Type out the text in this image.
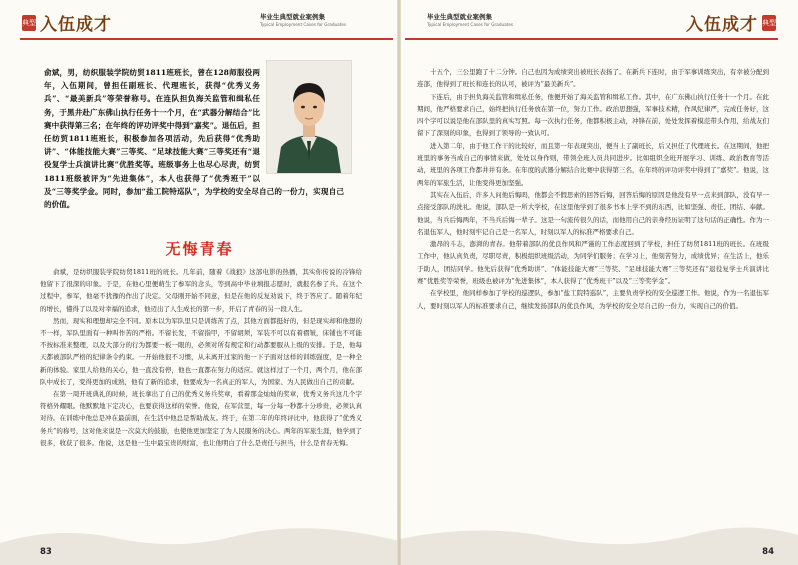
典型 入伍成才	毕业生典型就业案例集
Typical Employment Cases for Graduates
俞斌，男，纺织服装学院纺贸1811班班长，曾在128师服役两年，入伍期间，曾担任副班长、代理班长，获得“优秀义务兵”、“最美新兵”等荣誉称号。在连队担负海关监管和缉私任务，于黑井赴广东佛山执行任务十一个月，在“武器分解结合”比赛中获得第三名；在年终的评功评奖中得到“嘉奖”。退伍后，担任纺贸1811班班长，积极参加各项活动，先后获得“优秀助讲”、“体能技能大赛”三等奖、“足球技能大赛”三等奖还有“退役复学士兵演讲比赛”优胜奖等。班级事务上也尽心尽责，纺贸1811班级被评为“先进集体”，本人也获得了“优秀班干”以及“三等奖学金。同时，参加“盐工院特巡队”，为学校的安全尽自己的一份力，实现自己的价值。
无悔青春

俞斌，是纺织服装学院纺贸1811班的班长。几年前，随着《战狼》这部电影的热播，其实你传说的冷锋给他留下了很深的印象。于是，在他心里便萌生了参军的念头，等到高中毕业填报志愿时，就报名参了兵。在这个过程中，参军，他毫不犹豫的作出了决定。父母刚开始不同意，但是在他的反复劝说下，终于答应了。随着年纪的增长，懂得了以及对幸福的追求，他迈出了人生成长的第一步，开启了青春的另一段人生。

然而，现实和理想却完全不同。原本以为军队里只是训练苦了点，其他方面都挺好的，但是现实却和他想的不一样，军队里面有一种叫作苦的严格。不留长发，不留指甲，不留胡须，军装不可以有着褶皱，床铺也不可能不按标准来整理，以及大部分的行为都要一板一眼的，必须对所有规定和行动都要服从上级的安排。于是，他每天都被部队严格的纪律条令约束。一开始他很不习惯，从未离开过家的他一下子面对这样的训练强度，是一种全新的体验。家里人给他的关心，他一直没有停，他也一直都在努力的适应。就这样过了一个月，两个月，他在部队中成长了，变得更加的成熟，他有了新的追求，他要成为一名真正的军人，为国家、为人民做出自己的贡献。

在第一周开班典礼的时候，班长拿出了自己的优秀义务兵奖章，看着那金灿灿的奖章，优秀义务兵这几个字符格外耀眼。他默默地下定决心，也要获得这样的荣誉。他说，在军营里，每一分每一秒都十分珍贵，必须认真对待。在训练中他总是冲在最前面，在生活中他总是帮助战友。终于，在第二年的年终评比中，他获得了“优秀义务兵”的称号，这对他来说是一次莫大的鼓励，也使他更加坚定了为人民服务的决心。两年的军旅生涯，他学到了很多，收获了很多。他说，这是他一生中最宝贵的财富，也让他明白了什么是责任与担当，什么是青春无悔。

83
毕业生典型就业案例集
Typical Employment Cases for Graduates	入伍成才 典型

十五个，三公里跑了十二分钟。自己也因为成绩突出被班长表扬了。在新兵下连时，由于军事训练突出，有幸被分配到连部，他得到了班长和连长的认可，被评为“最美新兵”。

下连后，由于担负海关监管和缉私任务，他便开始了海关监管和缉私工作。其中，在广东佛山执行任务十一个月。在此期间，他严格要求自己，始终把执行任务放在第一位，努力工作。政治思想强，军事技术精，作风纪律严，完成任务好，这四个字可以说是他在部队里的真实写照。每一次执行任务，他都积极主动，冲锋在前，处处发挥着模范带头作用，给战友们留下了深刻的印象，也得到了领导的一致认可。

进入第二年，由于他工作干的比较好，而且第一年表现突出，便当上了副班长，后又担任了代理班长。在这期间，他把班里的事务当成自己的事情来做，处处以身作则，带领全班人员共同进步。比如组织全班开展学习、训练、政治教育等活动，班里的各项工作都井井有条。在年度的武器分解结合比赛中获得第三名，在年终的评功评奖中得到了“嘉奖”。他说，这两年的军旅生活，让他变得更加坚强。

其实在入伍后，许多人问他后悔吗，他都会不假思索的回答后悔，回答后悔的原因是他没有早一点来到部队，没有早一点接受部队的洗礼。他说，部队是一所大学校，在这里他学到了很多书本上学不到的东西，比如坚强、责任、团结、奉献。他说，当兵后悔两年，不当兵后悔一辈子。这是一句流传很久的话，而他用自己的亲身经历证明了这句话的正确性。作为一名退伍军人，他时刻牢记自己是一名军人，时刻以军人的标准严格要求自己。

激昂的斗志，澎湃的青春。他带着部队的优良作风和严谨的工作态度回到了学校，担任了纺贸1811班的班长。在班级工作中，他认真负责，尽职尽责，积极组织班级活动，为同学们服务；在学习上，他刻苦努力，成绩优异；在生活上，他乐于助人，团结同学。他先后获得“优秀助讲”、“体能技能大赛”三等奖、“足球技能大赛”三等奖还有“退役复学士兵演讲比赛”优胜奖等荣誉，班级也被评为“先进集体”，本人获得了“优秀班干”以及“三等奖学金”。

在学校里，他同样参加了学校的巡逻队，参加“盐工院特巡队”，主要负责学校的安全巡逻工作。他说，作为一名退伍军人，要时刻以军人的标准要求自己，继续发扬部队的优良作风，为学校的安全尽自己的一份力，实现自己的价值。

84
